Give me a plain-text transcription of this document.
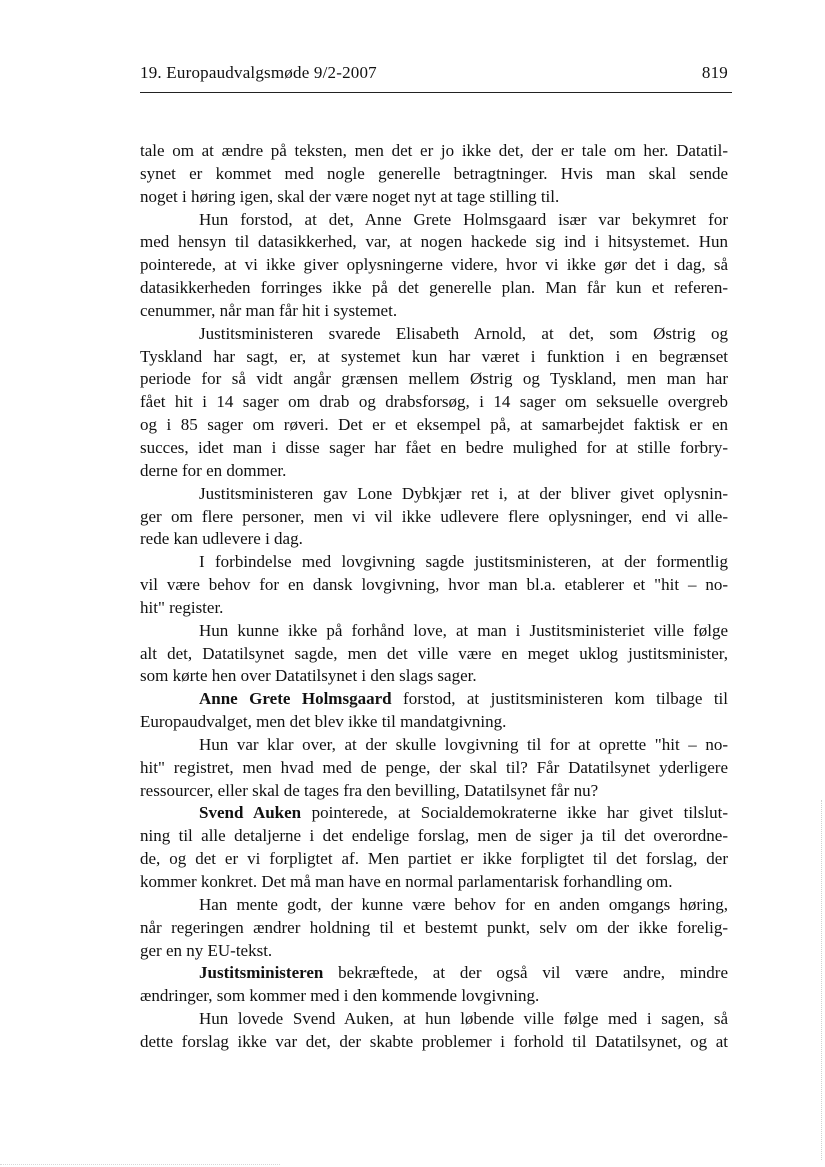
19. Europaudvalgsmøde 9/2-2007	819

tale om at ændre på teksten, men det er jo ikke det, der er tale om her. Datatil-
synet er kommet med nogle generelle betragtninger. Hvis man skal sende
noget i høring igen, skal der være noget nyt at tage stilling til.

Hun forstod, at det, Anne Grete Holmsgaard især var bekymret for
med hensyn til datasikkerhed, var, at nogen hackede sig ind i hitsystemet. Hun
pointerede, at vi ikke giver oplysningerne videre, hvor vi ikke gør det i dag, så
datasikkerheden forringes ikke på det generelle plan. Man får kun et referen-
cenummer, når man får hit i systemet.

Justitsministeren svarede Elisabeth Arnold, at det, som Østrig og
Tyskland har sagt, er, at systemet kun har været i funktion i en begrænset
periode for så vidt angår grænsen mellem Østrig og Tyskland, men man har
fået hit i 14 sager om drab og drabsforsøg, i 14 sager om seksuelle overgreb
og i 85 sager om røveri. Det er et eksempel på, at samarbejdet faktisk er en
succes, idet man i disse sager har fået en bedre mulighed for at stille forbry-
derne for en dommer.

Justitsministeren gav Lone Dybkjær ret i, at der bliver givet oplysnin-
ger om flere personer, men vi vil ikke udlevere flere oplysninger, end vi alle-
rede kan udlevere i dag.

I forbindelse med lovgivning sagde justitsministeren, at der formentlig
vil være behov for en dansk lovgivning, hvor man bl.a. etablerer et "hit – no-
hit" register.

Hun kunne ikke på forhånd love, at man i Justitsministeriet ville følge
alt det, Datatilsynet sagde, men det ville være en meget uklog justitsminister,
som kørte hen over Datatilsynet i den slags sager.

Anne Grete Holmsgaard forstod, at justitsministeren kom tilbage til
Europaudvalget, men det blev ikke til mandatgivning.

Hun var klar over, at der skulle lovgivning til for at oprette "hit – no-
hit" registret, men hvad med de penge, der skal til? Får Datatilsynet yderligere
ressourcer, eller skal de tages fra den bevilling, Datatilsynet får nu?

Svend Auken pointerede, at Socialdemokraterne ikke har givet tilslut-
ning til alle detaljerne i det endelige forslag, men de siger ja til det overordne-
de, og det er vi forpligtet af. Men partiet er ikke forpligtet til det forslag, der
kommer konkret. Det må man have en normal parlamentarisk forhandling om.

Han mente godt, der kunne være behov for en anden omgangs høring,
når regeringen ændrer holdning til et bestemt punkt, selv om der ikke forelig-
ger en ny EU-tekst.

Justitsministeren bekræftede, at der også vil være andre, mindre
ændringer, som kommer med i den kommende lovgivning.

Hun lovede Svend Auken, at hun løbende ville følge med i sagen, så
dette forslag ikke var det, der skabte problemer i forhold til Datatilsynet, og at
